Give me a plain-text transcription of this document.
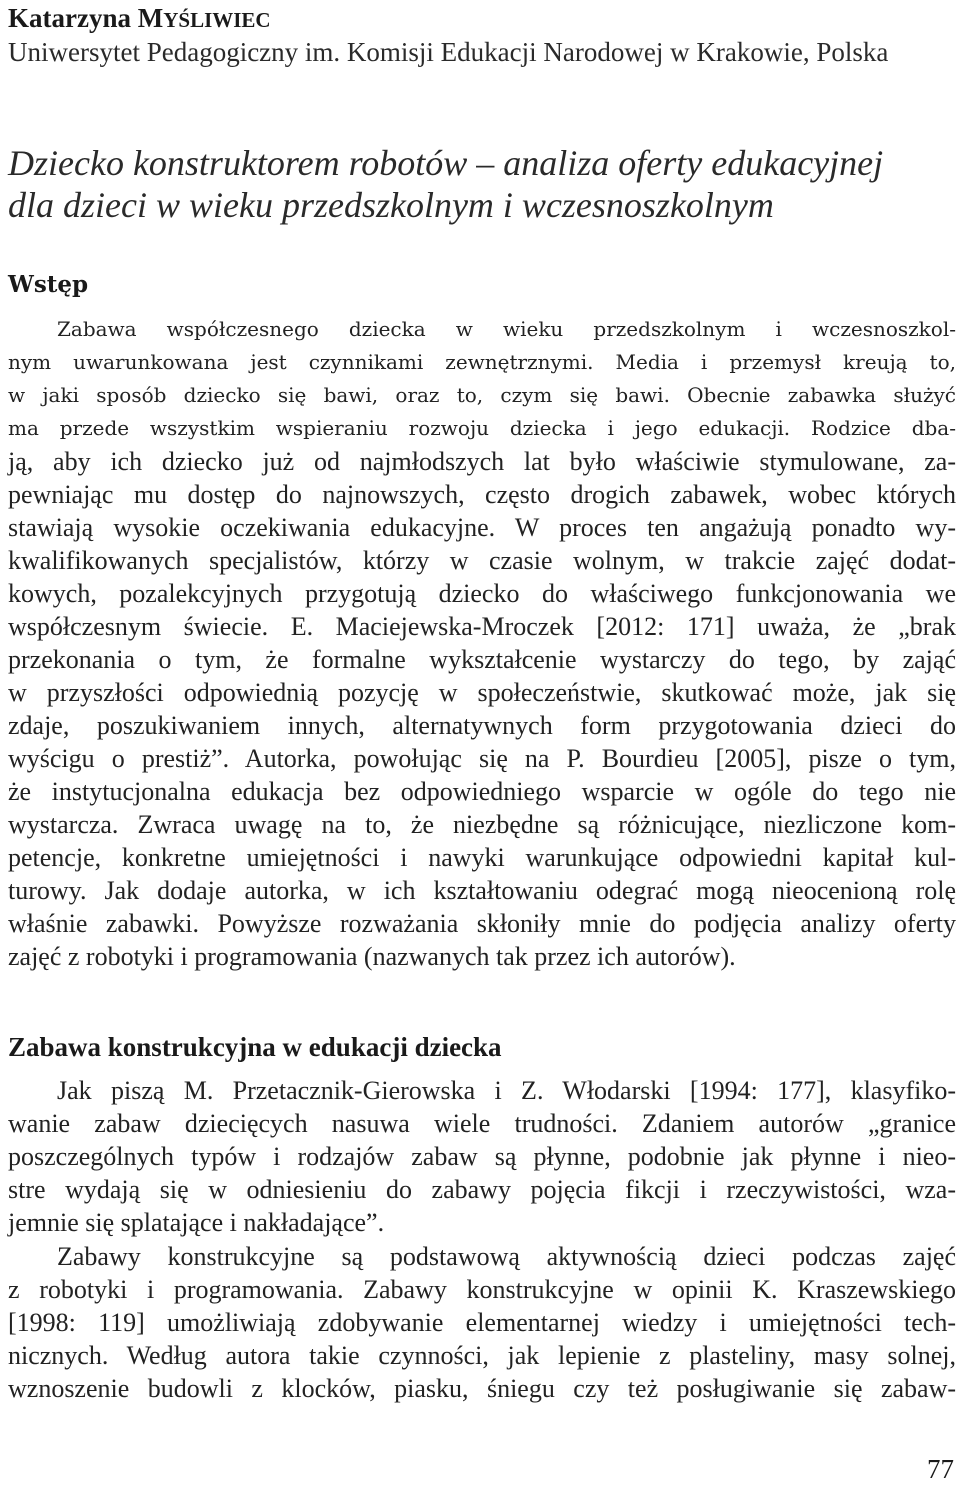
Katarzyna MYŚLIWIEC
Uniwersytet Pedagogiczny im. Komisji Edukacji Narodowej w Krakowie, Polska
Dziecko konstruktorem robotów – analiza oferty edukacyjnej
dla dzieci w wieku przedszkolnym i wczesnoszkolnym
Wstęp
Zabawa współczesnego dziecka w wieku przedszkolnym i wczesnoszkol-
nym uwarunkowana jest czynnikami zewnętrznymi. Media i przemysł kreują to,
w jaki sposób dziecko się bawi, oraz to, czym się bawi. Obecnie zabawka służyć
ma przede wszystkim wspieraniu rozwoju dziecka i jego edukacji. Rodzice dba-
ją, aby ich dziecko już od najmłodszych lat było właściwie stymulowane, za-
pewniając mu dostęp do najnowszych, często drogich zabawek, wobec których
stawiają wysokie oczekiwania edukacyjne. W proces ten angażują ponadto wy-
kwalifikowanych specjalistów, którzy w czasie wolnym, w trakcie zajęć dodat-
kowych, pozalekcyjnych przygotują dziecko do właściwego funkcjonowania we
współczesnym świecie. E. Maciejewska-Mroczek [2012: 171] uważa, że „brak
przekonania o tym, że formalne wykształcenie wystarczy do tego, by zająć
w przyszłości odpowiednią pozycję w społeczeństwie, skutkować może, jak się
zdaje, poszukiwaniem innych, alternatywnych form przygotowania dzieci do
wyścigu o prestiż”. Autorka, powołując się na P. Bourdieu [2005], pisze o tym,
że instytucjonalna edukacja bez odpowiedniego wsparcie w ogóle do tego nie
wystarcza. Zwraca uwagę na to, że niezbędne są różnicujące, niezliczone kom-
petencje, konkretne umiejętności i nawyki warunkujące odpowiedni kapitał kul-
turowy. Jak dodaje autorka, w ich kształtowaniu odegrać mogą nieocenioną rolę
właśnie zabawki. Powyższe rozważania skłoniły mnie do podjęcia analizy oferty
zajęć z robotyki i programowania (nazwanych tak przez ich autorów).
Zabawa konstrukcyjna w edukacji dziecka
Jak piszą M. Przetacznik-Gierowska i Z. Włodarski [1994: 177], klasyfiko-
wanie zabaw dziecięcych nasuwa wiele trudności. Zdaniem autorów „granice
poszczególnych typów i rodzajów zabaw są płynne, podobnie jak płynne i nieo-
stre wydają się w odniesieniu do zabawy pojęcia fikcji i rzeczywistości, wza-
jemnie się splatające i nakładające”.
Zabawy konstrukcyjne są podstawową aktywnością dzieci podczas zajęć
z robotyki i programowania. Zabawy konstrukcyjne w opinii K. Kraszewskiego
[1998: 119] umożliwiają zdobywanie elementarnej wiedzy i umiejętności tech-
nicznych. Według autora takie czynności, jak lepienie z plasteliny, masy solnej,
wznoszenie budowli z klocków, piasku, śniegu czy też posługiwanie się zabaw-
77
